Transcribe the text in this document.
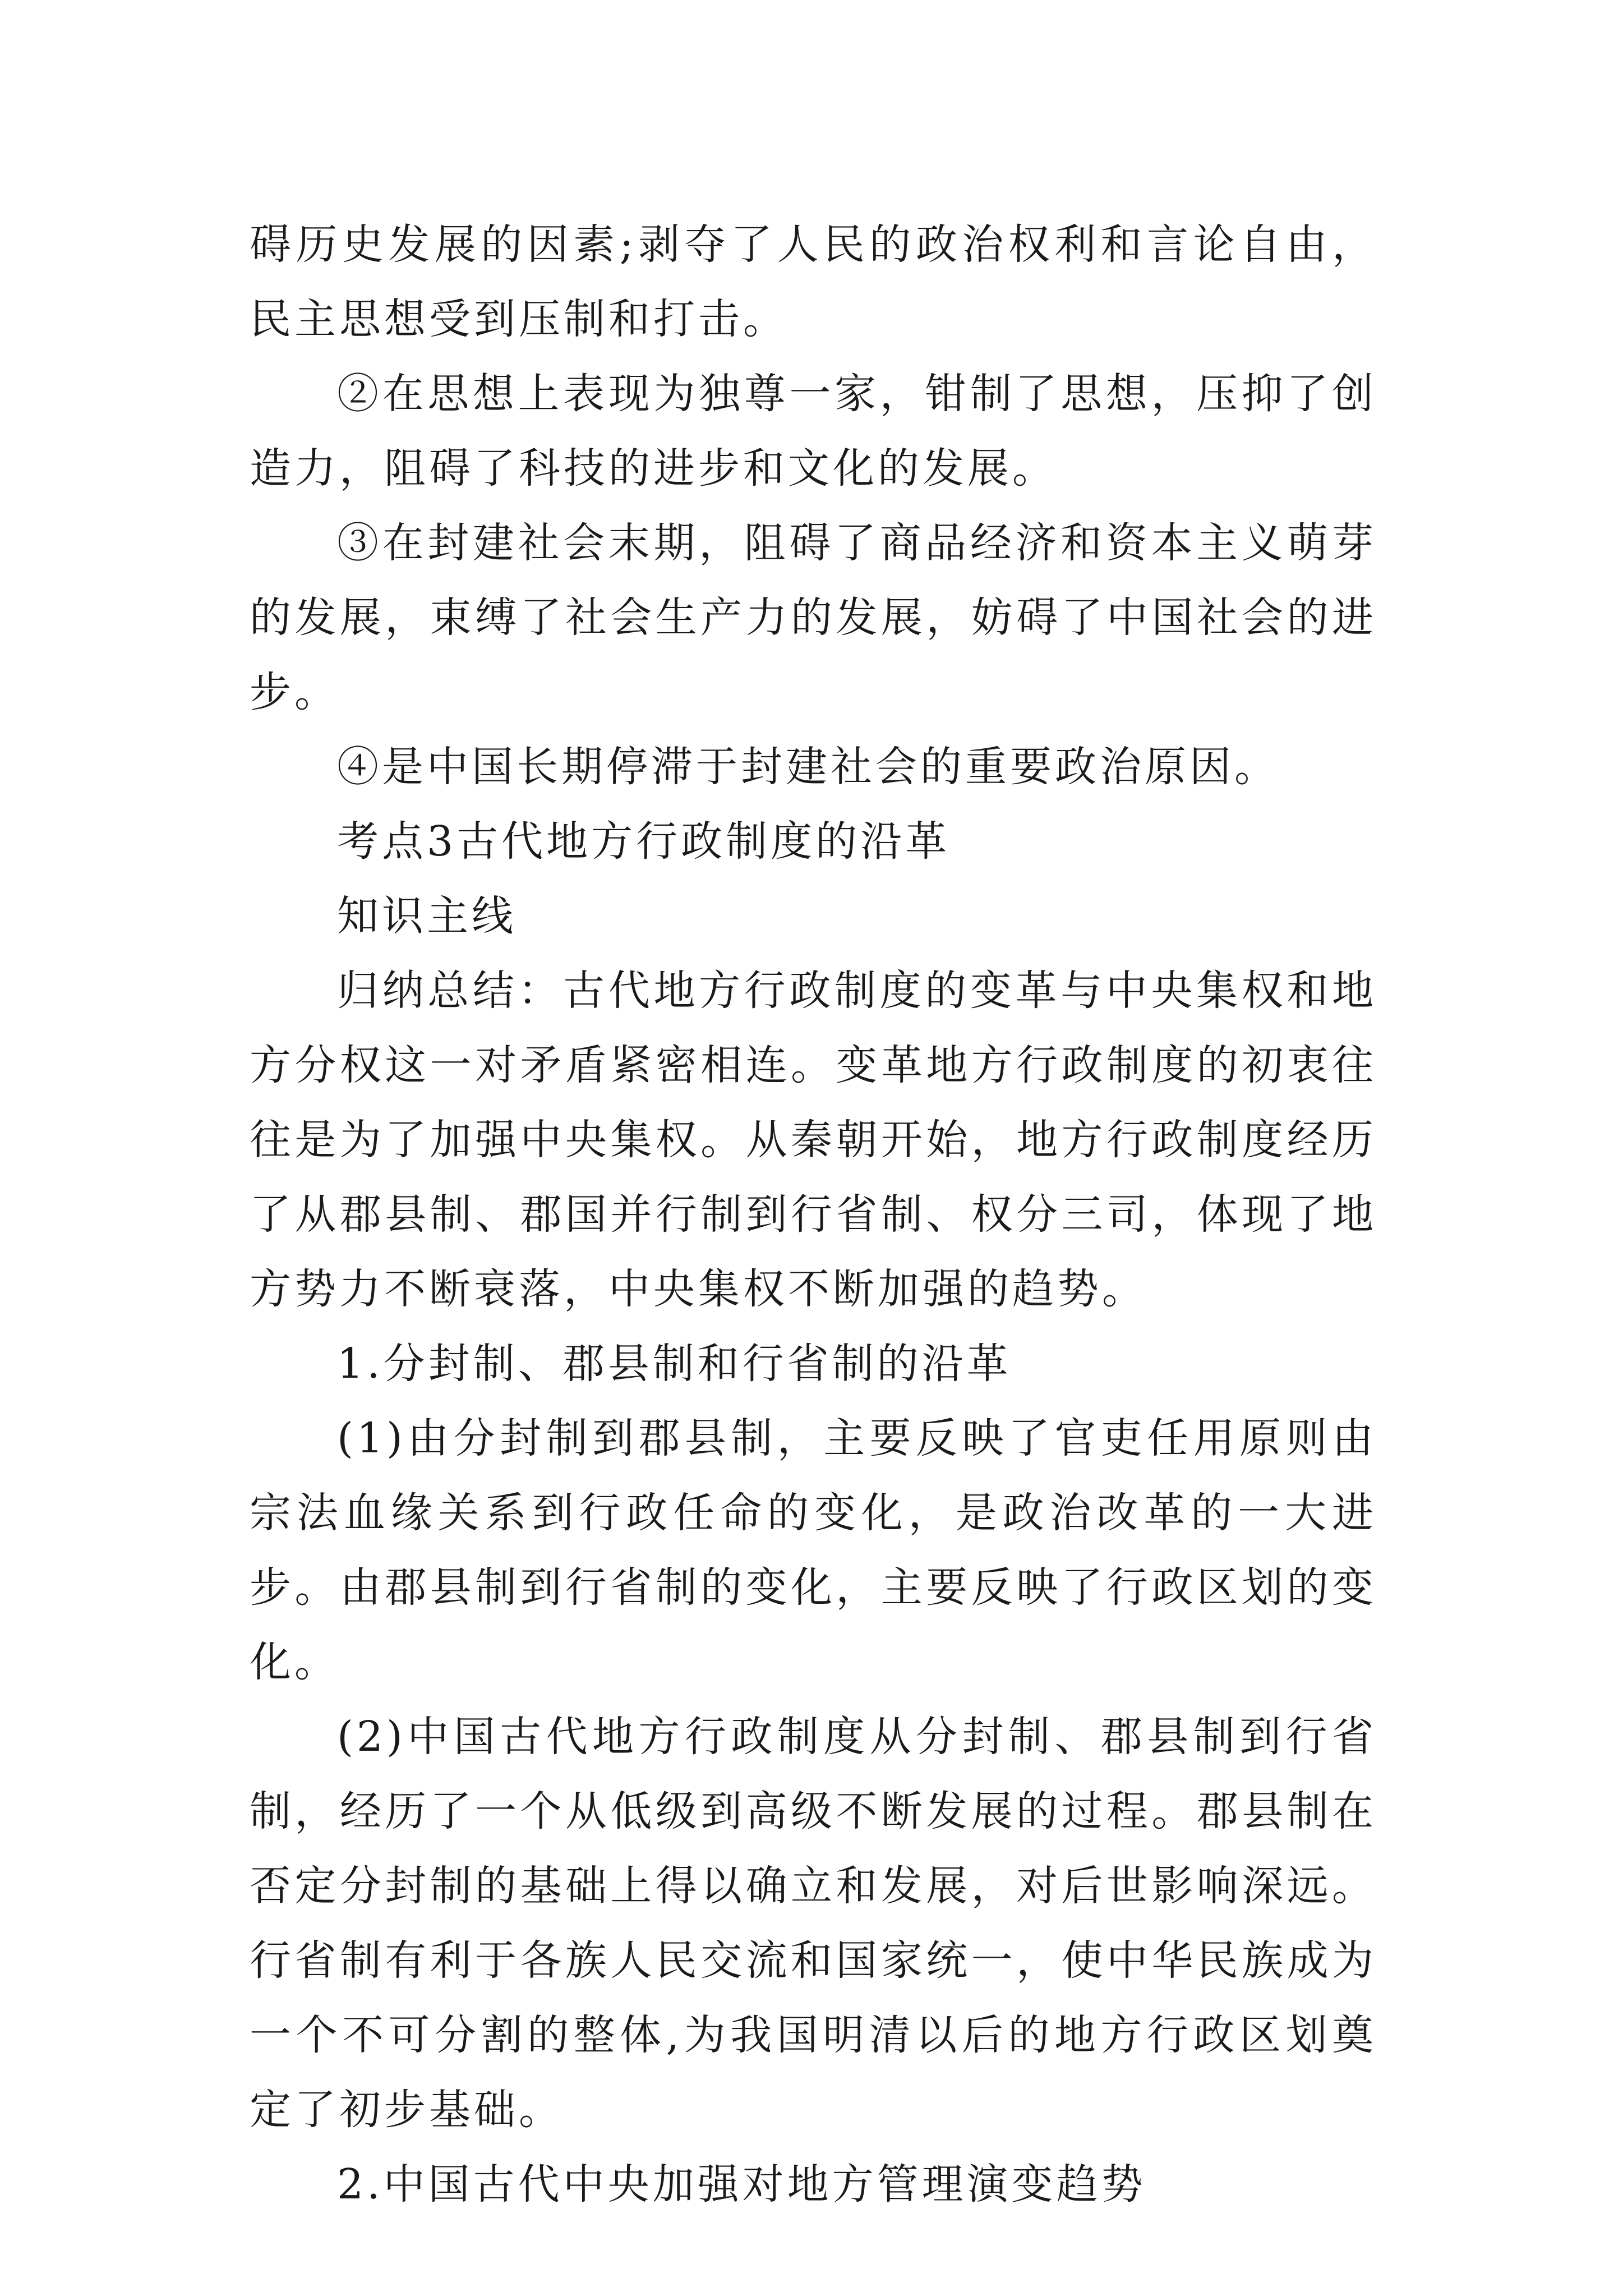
碍历史发展的因素;剥夺了人民的政治权利和言论自由，民主思想受到压制和打击。

②在思想上表现为独尊一家，钳制了思想，压抑了创造力，阻碍了科技的进步和文化的发展。

③在封建社会末期，阻碍了商品经济和资本主义萌芽的发展，束缚了社会生产力的发展，妨碍了中国社会的进步。

④是中国长期停滞于封建社会的重要政治原因。

考点3古代地方行政制度的沿革

知识主线

归纳总结：古代地方行政制度的变革与中央集权和地方分权这一对矛盾紧密相连。变革地方行政制度的初衷往往是为了加强中央集权。从秦朝开始，地方行政制度经历了从郡县制、郡国并行制到行省制、权分三司，体现了地方势力不断衰落，中央集权不断加强的趋势。

1.分封制、郡县制和行省制的沿革

(1)由分封制到郡县制，主要反映了官吏任用原则由宗法血缘关系到行政任命的变化，是政治改革的一大进步。由郡县制到行省制的变化，主要反映了行政区划的变化。

(2)中国古代地方行政制度从分封制、郡县制到行省制，经历了一个从低级到高级不断发展的过程。郡县制在否定分封制的基础上得以确立和发展，对后世影响深远。行省制有利于各族人民交流和国家统一，使中华民族成为一个不可分割的整体,为我国明清以后的地方行政区划奠定了初步基础。

2.中国古代中央加强对地方管理演变趋势
